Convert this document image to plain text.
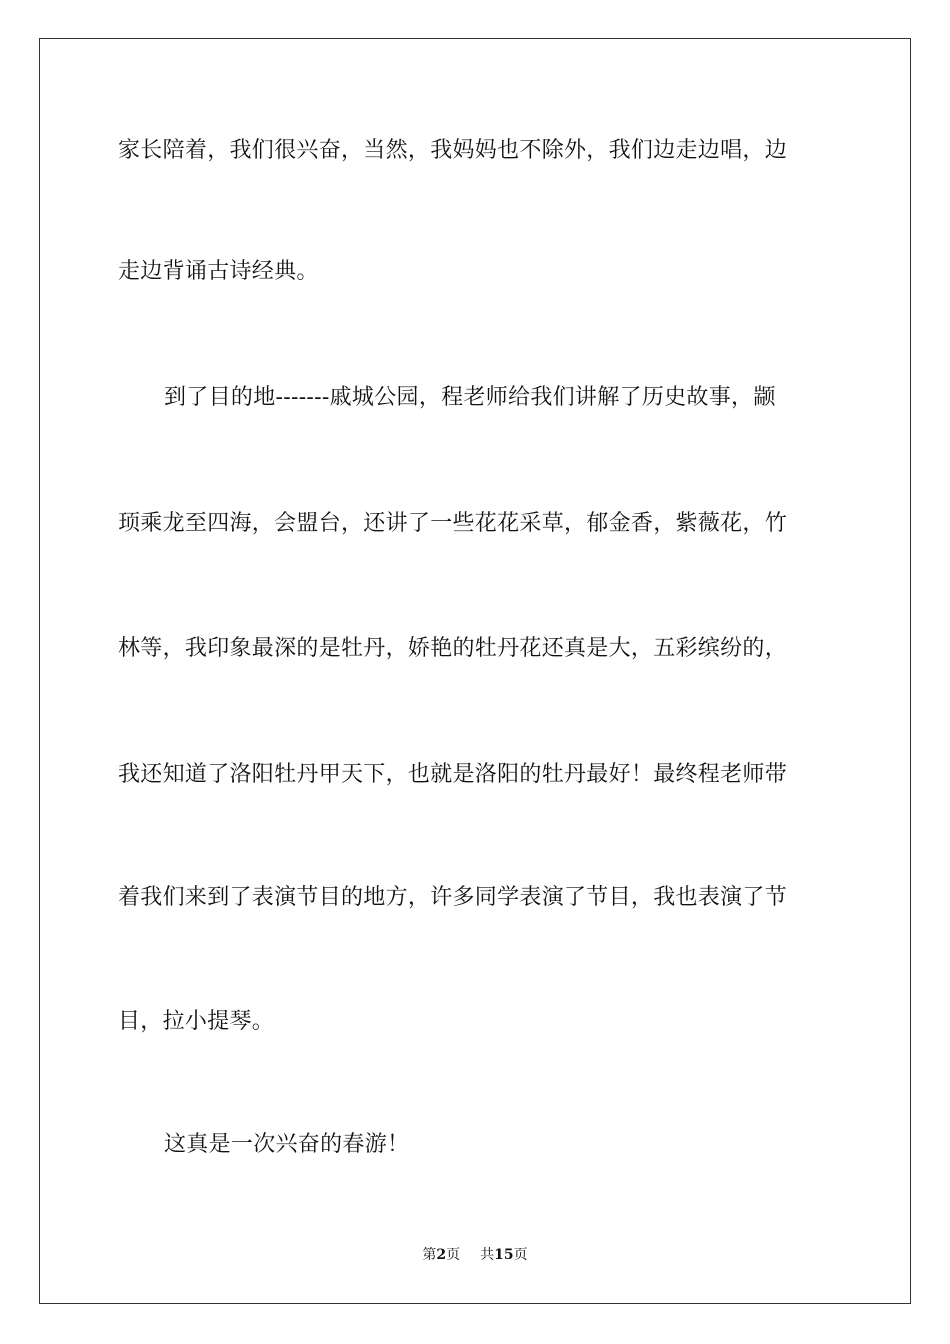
家长陪着，我们很兴奋，当然，我妈妈也不除外，我们边走边唱，边
走边背诵古诗经典。
到了目的地-------戚城公园，程老师给我们讲解了历史故事，颛
顼乘龙至四海，会盟台，还讲了一些花花采草，郁金香，紫薇花，竹
林等，我印象最深的是牡丹，娇艳的牡丹花还真是大，五彩缤纷的，
我还知道了洛阳牡丹甲天下，也就是洛阳的牡丹最好！最终程老师带
着我们来到了表演节目的地方，许多同学表演了节目，我也表演了节
目，拉小提琴。
这真是一次兴奋的春游！
第2页 共15页
